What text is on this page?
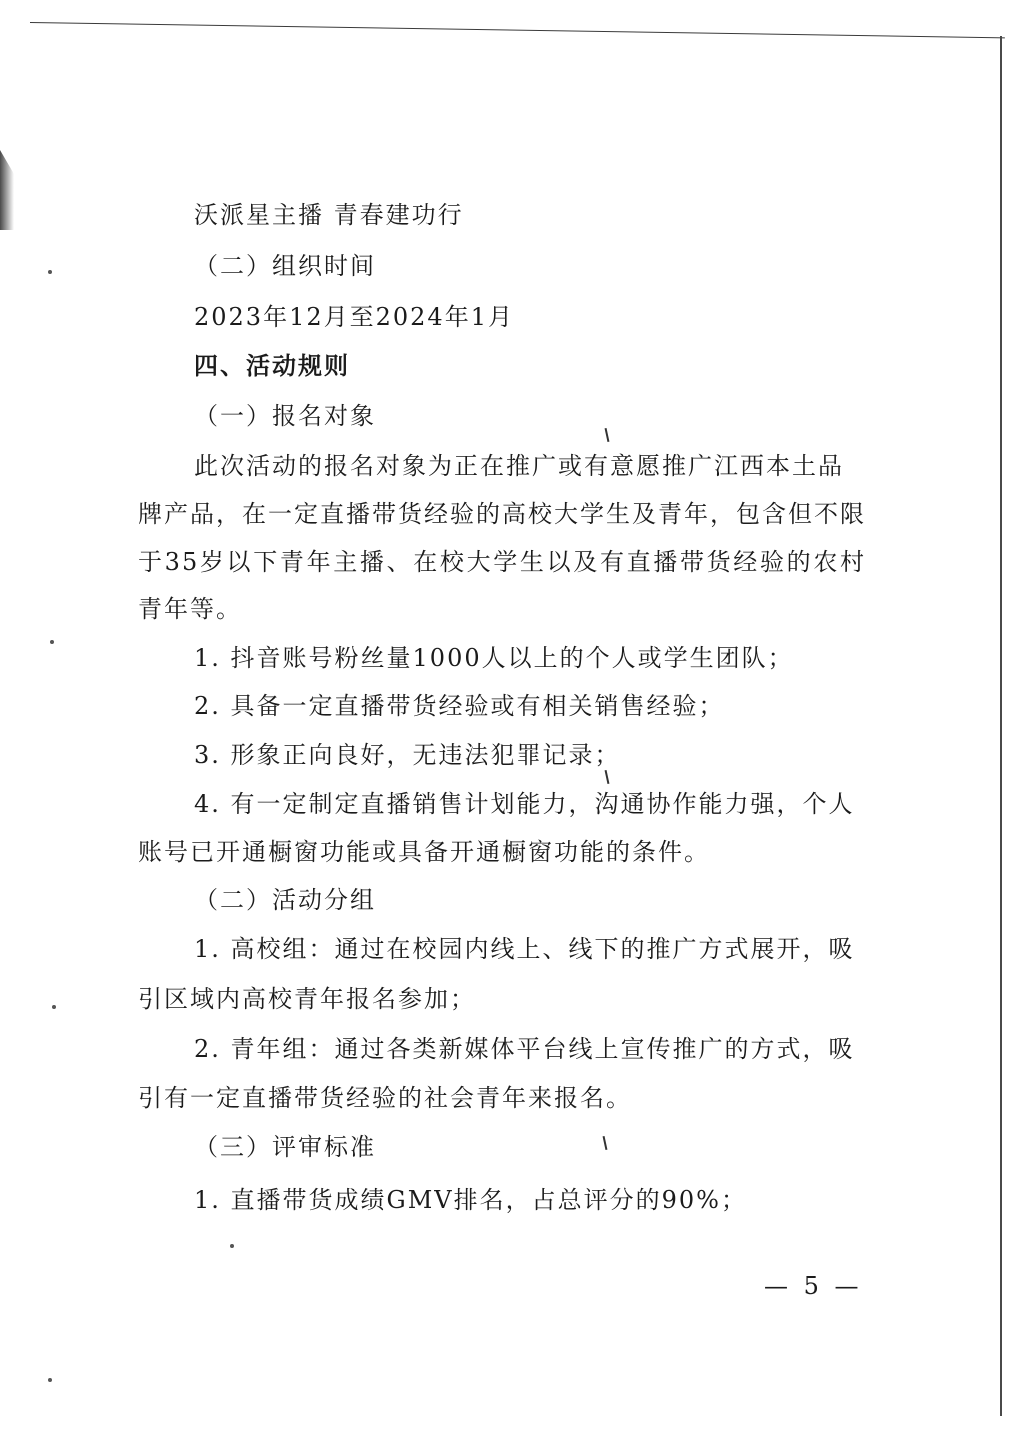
沃派星主播 青春建功行
（二）组织时间
2023年12月至2024年1月
四、活动规则
（一）报名对象
此次活动的报名对象为正在推广或有意愿推广江西本土品
牌产品，在一定直播带货经验的高校大学生及青年，包含但不限
于35岁以下青年主播、在校大学生以及有直播带货经验的农村
青年等。
1. 抖音账号粉丝量1000人以上的个人或学生团队；
2. 具备一定直播带货经验或有相关销售经验；
3. 形象正向良好，无违法犯罪记录；
4. 有一定制定直播销售计划能力，沟通协作能力强，个人
账号已开通橱窗功能或具备开通橱窗功能的条件。
（二）活动分组
1. 高校组：通过在校园内线上、线下的推广方式展开，吸
引区域内高校青年报名参加；
2. 青年组：通过各类新媒体平台线上宣传推广的方式，吸
引有一定直播带货经验的社会青年来报名。
（三）评审标准
1. 直播带货成绩GMV排名，占总评分的90%；
— 5 —
